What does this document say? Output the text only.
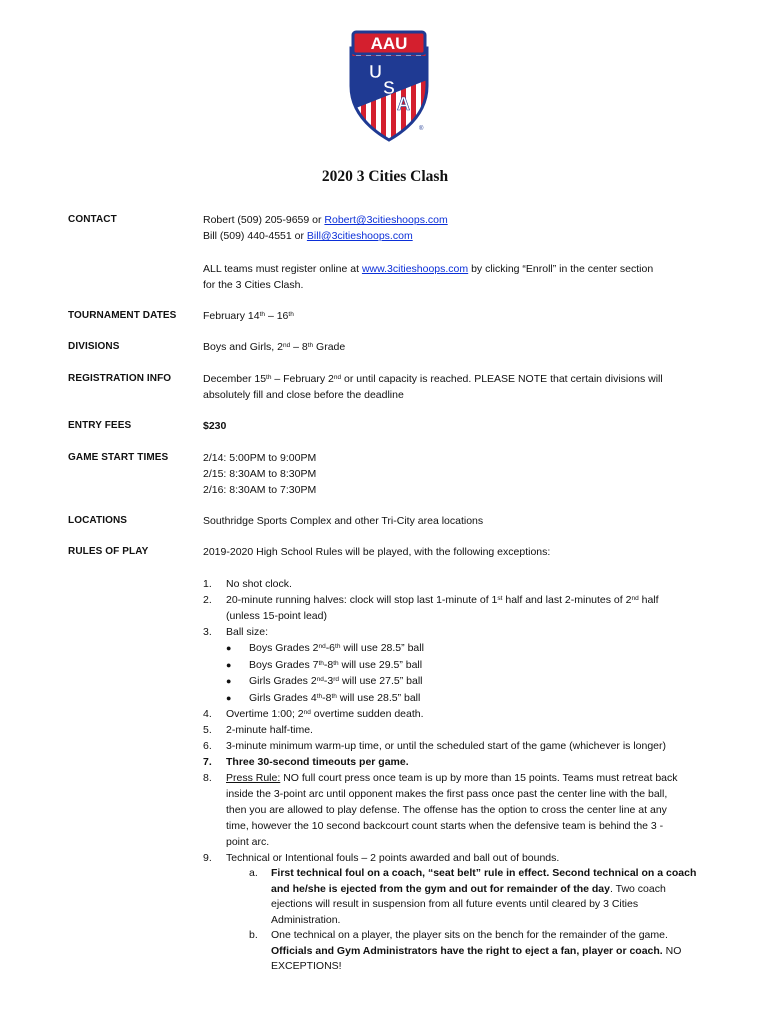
AAU
U
S
A
®
2020 3 Cities Clash
CONTACT	Robert (509) 205-9659 or Robert@3citieshoops.com
Bill (509) 440-4551 or Bill@3citieshoops.com
ALL teams must register online at www.3citieshoops.com by clicking “Enroll” in the center section
for the 3 Cities Clash.
TOURNAMENT DATES	February 14th – 16th
DIVISIONS	Boys and Girls, 2nd – 8th Grade
REGISTRATION INFO	December 15th – February 2nd or until capacity is reached. PLEASE NOTE that certain divisions will
absolutely fill and close before the deadline
ENTRY FEES	$230
GAME START TIMES	2/14: 5:00PM to 9:00PM
2/15: 8:30AM to 8:30PM
2/16: 8:30AM to 7:30PM
LOCATIONS	Southridge Sports Complex and other Tri-City area locations
RULES OF PLAY	2019-2020 High School Rules will be played, with the following exceptions:
1.	No shot clock.
2.	20-minute running halves: clock will stop last 1-minute of 1st half and last 2-minutes of 2nd half
(unless 15-point lead)
3.	Ball size:
● Boys Grades 2nd-6th will use 28.5” ball
● Boys Grades 7th-8th will use 29.5” ball
● Girls Grades 2nd-3rd will use 27.5” ball
● Girls Grades 4th-8th will use 28.5” ball
4.	Overtime 1:00; 2nd overtime sudden death.
5.	2-minute half-time.
6.	3-minute minimum warm-up time, or until the scheduled start of the game (whichever is longer)
7.	Three 30-second timeouts per game.
8.	Press Rule: NO full court press once team is up by more than 15 points. Teams must retreat back
inside the 3-point arc until opponent makes the first pass once past the center line with the ball,
then you are allowed to play defense. The offense has the option to cross the center line at any
time, however the 10 second backcourt count starts when the defensive team is behind the 3 -
point arc.
9.	Technical or Intentional fouls – 2 points awarded and ball out of bounds.
a. First technical foul on a coach, “seat belt” rule in effect. Second technical on a coach
and he/she is ejected from the gym and out for remainder of the day. Two coach
ejections will result in suspension from all future events until cleared by 3 Cities
Administration.
b. One technical on a player, the player sits on the bench for the remainder of the game.
Officials and Gym Administrators have the right to eject a fan, player or coach. NO
EXCEPTIONS!
